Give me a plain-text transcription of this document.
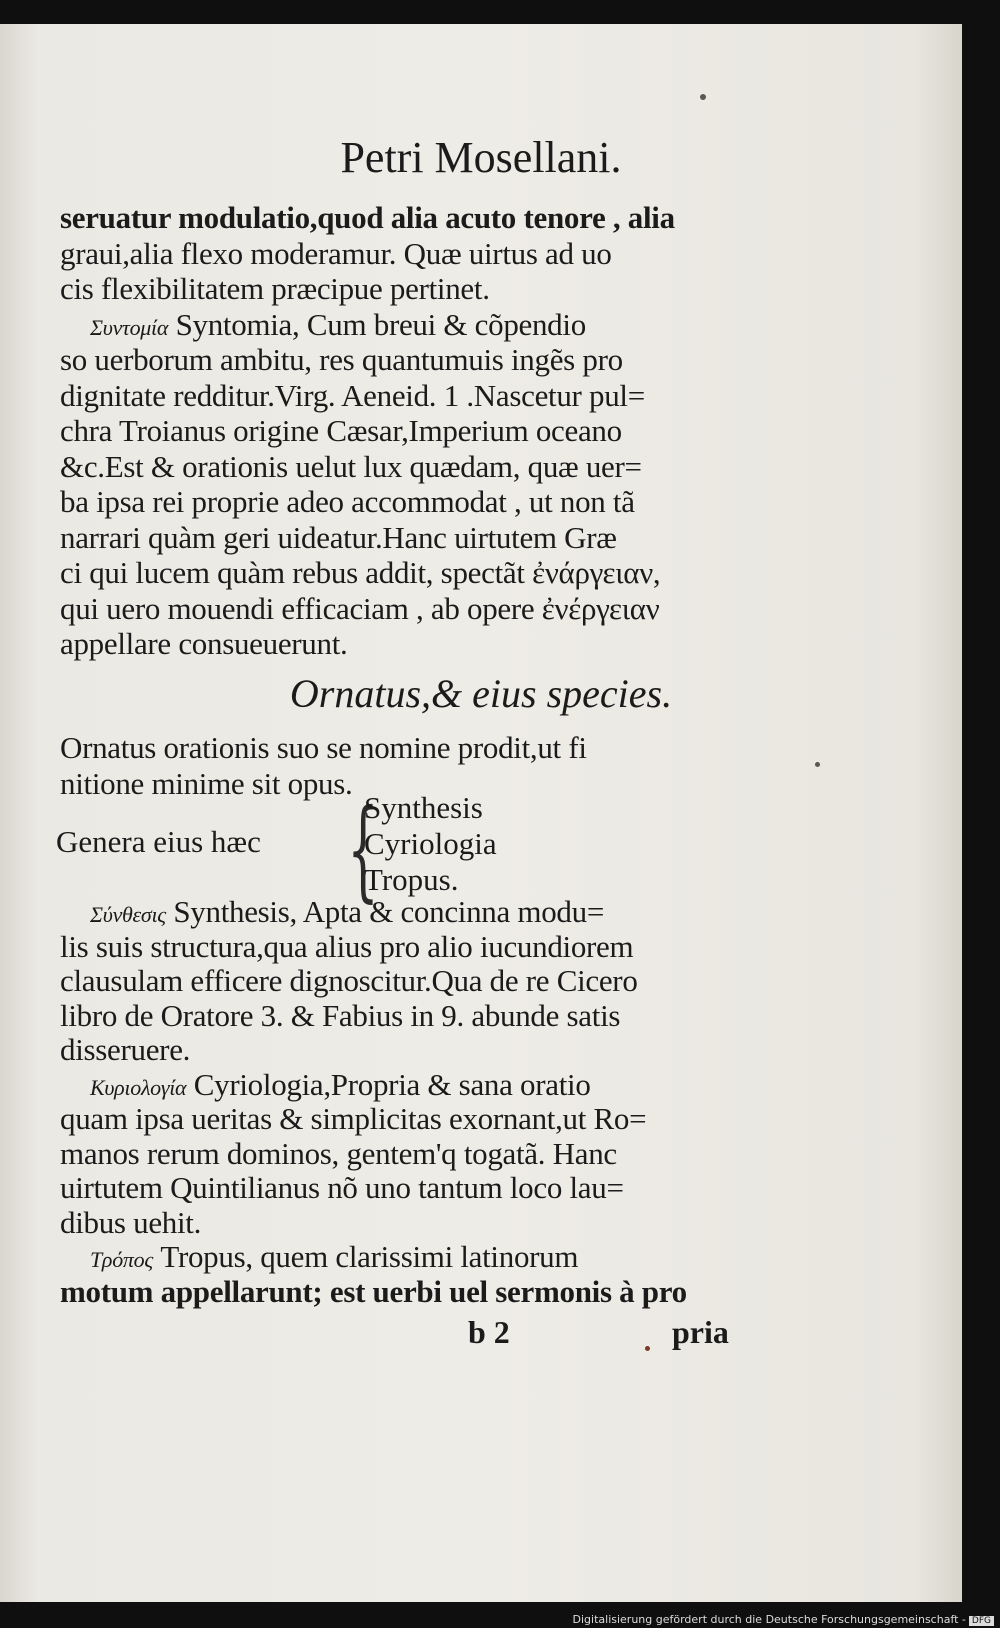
Petri Mosellani.
seruatur modulatio,quod alia acuto tenore , alia
graui,alia flexo moderamur. Quæ uirtus ad uo
cis flexibilitatem præcipue pertinet.
Συντομία Syntomia, Cum breui & cõpendio
so uerborum ambitu, res quantumuis ingẽs pro
dignitate redditur.Virg. Aeneid. 1 .Nascetur pul=
chra Troianus origine Cæsar,Imperium oceano
&c.Est & orationis uelut lux quædam, quæ uer=
ba ipsa rei proprie adeo accommodat , ut non tã
narrari quàm geri uideatur.Hanc uirtutem Græ
ci qui lucem quàm rebus addit, spectãt ἐνάργειαν,
qui uero mouendi efficaciam , ab opere ἐνέργειαν
appellare consueuerunt.
Ornatus,& eius species.
Ornatus orationis suo se nomine prodit,ut fi
nitione minime sit opus.
Genera eius hæc {
Synthesis
Cyriologia
Tropus.
Σύνθεσις Synthesis, Apta & concinna modu=
lis suis structura,qua alius pro alio iucundiorem
clausulam efficere dignoscitur.Qua de re Cicero
libro de Oratore 3. & Fabius in 9. abunde satis
disseruere.
Κυριολογία Cyriologia,Propria & sana oratio
quam ipsa ueritas & simplicitas exornant,ut Ro=
manos rerum dominos, gentem'q togatã. Hanc
uirtutem Quintilianus nõ uno tantum loco lau=
dibus uehit.
Τρόπος Tropus, quem clarissimi latinorum
motum appellarunt; est uerbi uel sermonis à pro
b 2	pria
Digitalisierung gefördert durch die Deutsche Forschungsgemeinschaft - DFG
